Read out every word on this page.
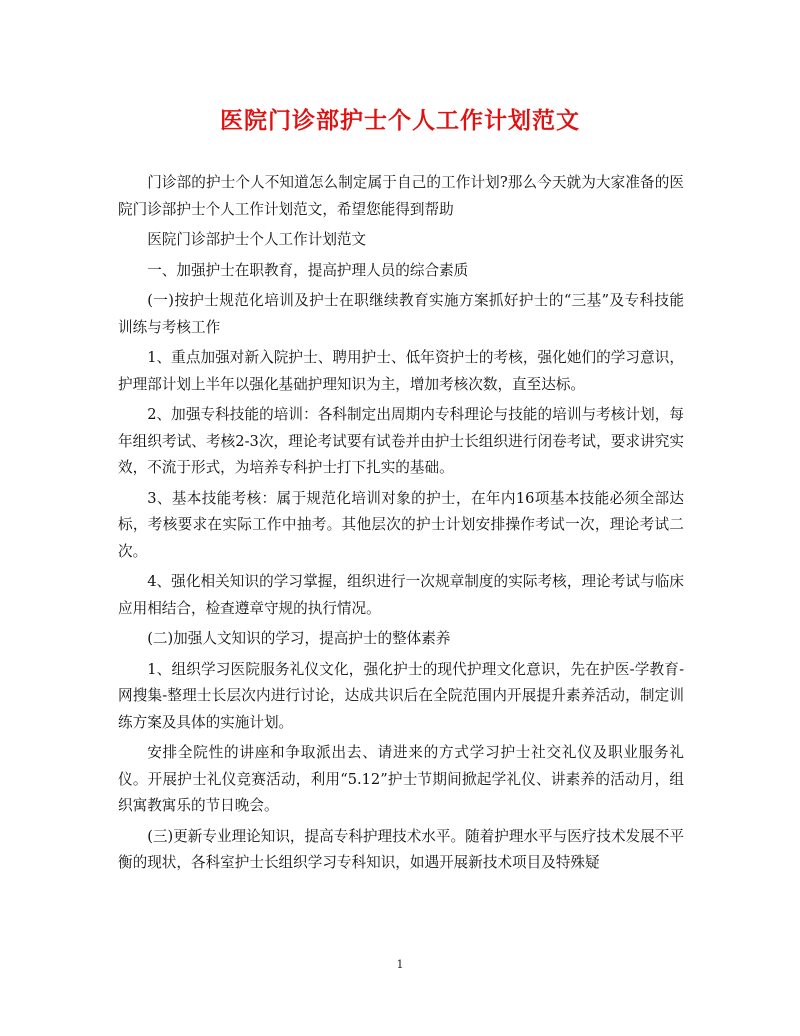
医院门诊部护士个人工作计划范文

门诊部的护士个人不知道怎么制定属于自己的工作计划?那么今天就为大家准备的医院门诊部护士个人工作计划范文，希望您能得到帮助

医院门诊部护士个人工作计划范文

一、加强护士在职教育，提高护理人员的综合素质

(一)按护士规范化培训及护士在职继续教育实施方案抓好护士的“三基”及专科技能训练与考核工作

1、重点加强对新入院护士、聘用护士、低年资护士的考核，强化她们的学习意识，护理部计划上半年以强化基础护理知识为主，增加考核次数，直至达标。

2、加强专科技能的培训：各科制定出周期内专科理论与技能的培训与考核计划，每年组织考试、考核2-3次，理论考试要有试卷并由护士长组织进行闭卷考试，要求讲究实效，不流于形式，为培养专科护士打下扎实的基础。

3、基本技能考核：属于规范化培训对象的护士，在年内16项基本技能必须全部达标，考核要求在实际工作中抽考。其他层次的护士计划安排操作考试一次，理论考试二次。

4、强化相关知识的学习掌握，组织进行一次规章制度的实际考核，理论考试与临床应用相结合，检查遵章守规的执行情况。

(二)加强人文知识的学习，提高护士的整体素养

1、组织学习医院服务礼仪文化，强化护士的现代护理文化意识，先在护医-学教育-网搜集-整理士长层次内进行讨论，达成共识后在全院范围内开展提升素养活动，制定训练方案及具体的实施计划。

安排全院性的讲座和争取派出去、请进来的方式学习护士社交礼仪及职业服务礼仪。开展护士礼仪竞赛活动，利用“5.12”护士节期间掀起学礼仪、讲素养的活动月，组织寓教寓乐的节日晚会。

(三)更新专业理论知识，提高专科护理技术水平。随着护理水平与医疗技术发展不平衡的现状，各科室护士长组织学习专科知识，如遇开展新技术项目及特殊疑

1
